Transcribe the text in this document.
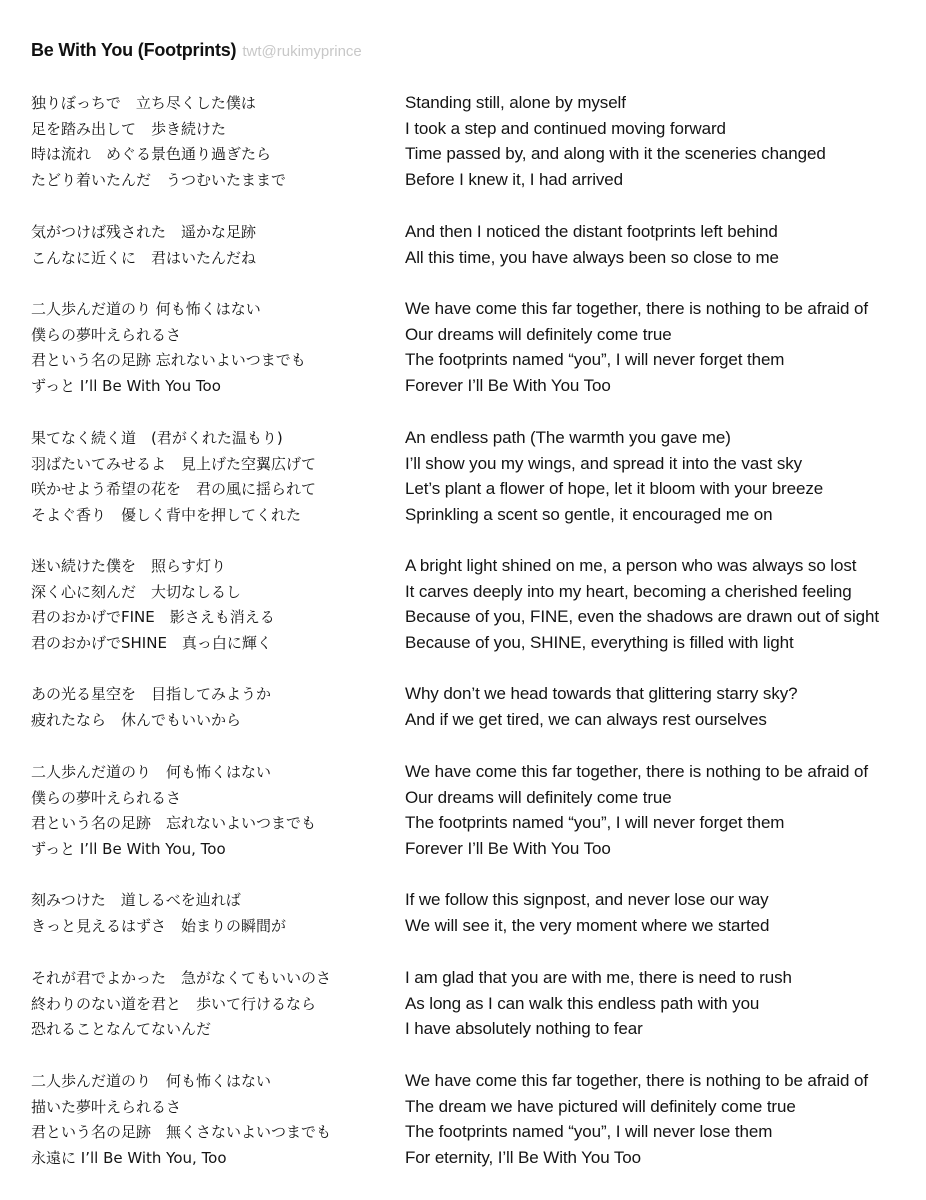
Be With You (Footprints) twt@rukimyprince
独りぼっちで　立ち尽くした僕は	Standing still, alone by myself
足を踏み出して　歩き続けた	I took a step and continued moving forward
時は流れ　めぐる景色通り過ぎたら	Time passed by, and along with it the sceneries changed
たどり着いたんだ　うつむいたままで	Before I knew it, I had arrived
気がつけば残された　遥かな足跡	And then I noticed the distant footprints left behind
こんなに近くに　君はいたんだね	All this time, you have always been so close to me
二人歩んだ道のり 何も怖くはない	We have come this far together, there is nothing to be afraid of
僕らの夢叶えられるさ	Our dreams will definitely come true
君という名の足跡 忘れないよいつまでも	The footprints named “you”, I will never forget them
ずっと I’ll Be With You Too	Forever I’ll Be With You Too
果てなく続く道　(君がくれた温もり)	An endless path (The warmth you gave me)
羽ばたいてみせるよ　見上げた空翼広げて	I’ll show you my wings, and spread it into the vast sky
咲かせよう希望の花を　君の風に揺られて	Let’s plant a flower of hope, let it bloom with your breeze
そよぐ香り　優しく背中を押してくれた	Sprinkling a scent so gentle, it encouraged me on
迷い続けた僕を　照らす灯り	A bright light shined on me, a person who was always so lost
深く心に刻んだ　大切なしるし	It carves deeply into my heart, becoming a cherished feeling
君のおかげでFINE　影さえも消える	Because of you, FINE, even the shadows are drawn out of sight
君のおかげでSHINE　真っ白に輝く	Because of you, SHINE, everything is filled with light
あの光る星空を　目指してみようか	Why don’t we head towards that glittering starry sky?
疲れたなら　休んでもいいから	And if we get tired, we can always rest ourselves
二人歩んだ道のり　何も怖くはない	We have come this far together, there is nothing to be afraid of
僕らの夢叶えられるさ	Our dreams will definitely come true
君という名の足跡　忘れないよいつまでも	The footprints named “you”, I will never forget them
ずっと I’ll Be With You, Too	Forever I’ll Be With You Too
刻みつけた　道しるべを辿れば	If we follow this signpost, and never lose our way
きっと見えるはずさ　始まりの瞬間が	We will see it, the very moment where we started
それが君でよかった　急がなくてもいいのさ	I am glad that you are with me, there is need to rush
終わりのない道を君と　歩いて行けるなら	As long as I can walk this endless path with you
恐れることなんてないんだ	I have absolutely nothing to fear
二人歩んだ道のり　何も怖くはない	We have come this far together, there is nothing to be afraid of
描いた夢叶えられるさ	The dream we have pictured will definitely come true
君という名の足跡　無くさないよいつまでも	The footprints named “you”, I will never lose them
永遠に I’ll Be With You, Too	For eternity, I’ll Be With You Too
